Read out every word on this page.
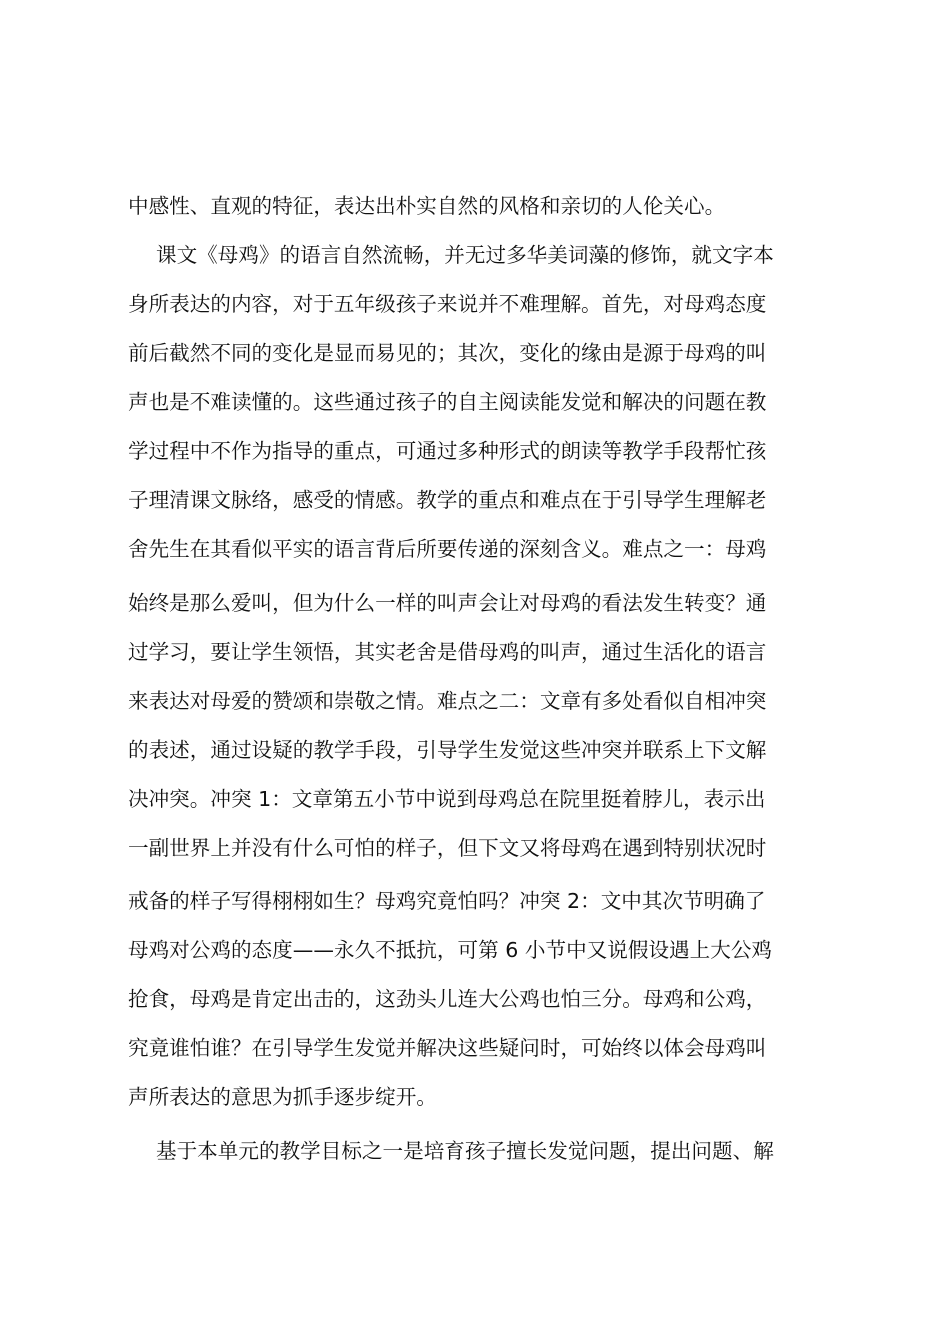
中感性、直观的特征，表达出朴实自然的风格和亲切的人伦关心。
课文《母鸡》的语言自然流畅，并无过多华美词藻的修饰，就文字本
身所表达的内容，对于五年级孩子来说并不难理解。首先，对母鸡态度
前后截然不同的变化是显而易见的；其次，变化的缘由是源于母鸡的叫
声也是不难读懂的。这些通过孩子的自主阅读能发觉和解决的问题在教
学过程中不作为指导的重点，可通过多种形式的朗读等教学手段帮忙孩
子理清课文脉络，感受的情感。教学的重点和难点在于引导学生理解老
舍先生在其看似平实的语言背后所要传递的深刻含义。难点之一：母鸡
始终是那么爱叫，但为什么一样的叫声会让对母鸡的看法发生转变？通
过学习，要让学生领悟，其实老舍是借母鸡的叫声，通过生活化的语言
来表达对母爱的赞颂和崇敬之情。难点之二：文章有多处看似自相冲突
的表述，通过设疑的教学手段，引导学生发觉这些冲突并联系上下文解
决冲突。冲突 1：文章第五小节中说到母鸡总在院里挺着脖儿，表示出
一副世界上并没有什么可怕的样子，但下文又将母鸡在遇到特别状况时
戒备的样子写得栩栩如生？母鸡究竟怕吗？冲突 2：文中其次节明确了
母鸡对公鸡的态度——永久不抵抗，可第 6 小节中又说假设遇上大公鸡
抢食，母鸡是肯定出击的，这劲头儿连大公鸡也怕三分。母鸡和公鸡，
究竟谁怕谁？在引导学生发觉并解决这些疑问时，可始终以体会母鸡叫
声所表达的意思为抓手逐步绽开。
基于本单元的教学目标之一是培育孩子擅长发觉问题，提出问题、解
